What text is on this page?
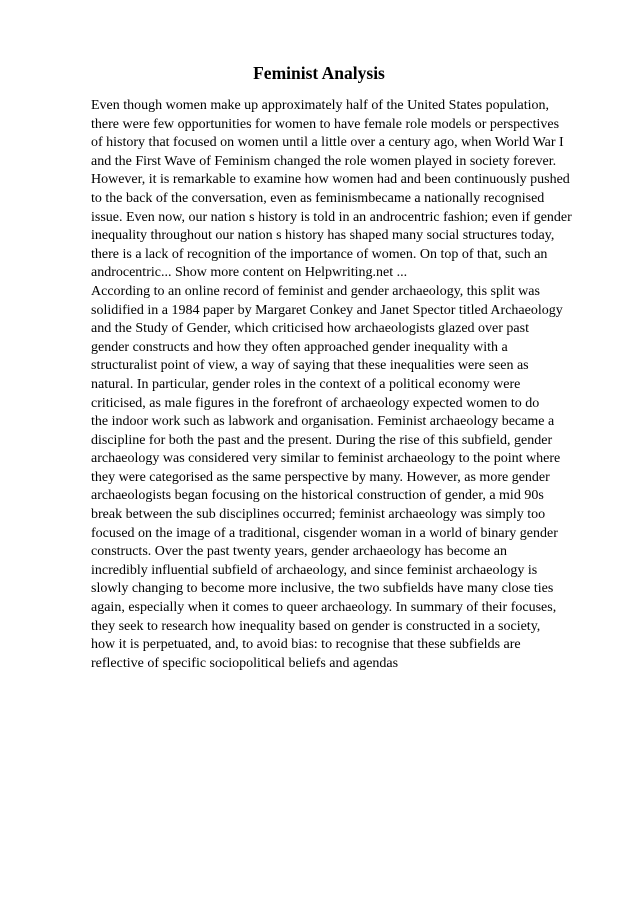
Feminist Analysis
Even though women make up approximately half of the United States population,
there were few opportunities for women to have female role models or perspectives
of history that focused on women until a little over a century ago, when World War I
and the First Wave of Feminism changed the role women played in society forever.
However, it is remarkable to examine how women had and been continuously pushed
to the back of the conversation, even as feminismbecame a nationally recognised
issue. Even now, our nation s history is told in an androcentric fashion; even if gender
inequality throughout our nation s history has shaped many social structures today,
there is a lack of recognition of the importance of women. On top of that, such an
androcentric... Show more content on Helpwriting.net ...
According to an online record of feminist and gender archaeology, this split was
solidified in a 1984 paper by Margaret Conkey and Janet Spector titled Archaeology
and the Study of Gender, which criticised how archaeologists glazed over past
gender constructs and how they often approached gender inequality with a
structuralist point of view, a way of saying that these inequalities were seen as
natural. In particular, gender roles in the context of a political economy were
criticised, as male figures in the forefront of archaeology expected women to do
the indoor work such as labwork and organisation. Feminist archaeology became a
discipline for both the past and the present. During the rise of this subfield, gender
archaeology was considered very similar to feminist archaeology to the point where
they were categorised as the same perspective by many. However, as more gender
archaeologists began focusing on the historical construction of gender, a mid 90s
break between the sub disciplines occurred; feminist archaeology was simply too
focused on the image of a traditional, cisgender woman in a world of binary gender
constructs. Over the past twenty years, gender archaeology has become an
incredibly influential subfield of archaeology, and since feminist archaeology is
slowly changing to become more inclusive, the two subfields have many close ties
again, especially when it comes to queer archaeology. In summary of their focuses,
they seek to research how inequality based on gender is constructed in a society,
how it is perpetuated, and, to avoid bias: to recognise that these subfields are
reflective of specific sociopolitical beliefs and agendas
